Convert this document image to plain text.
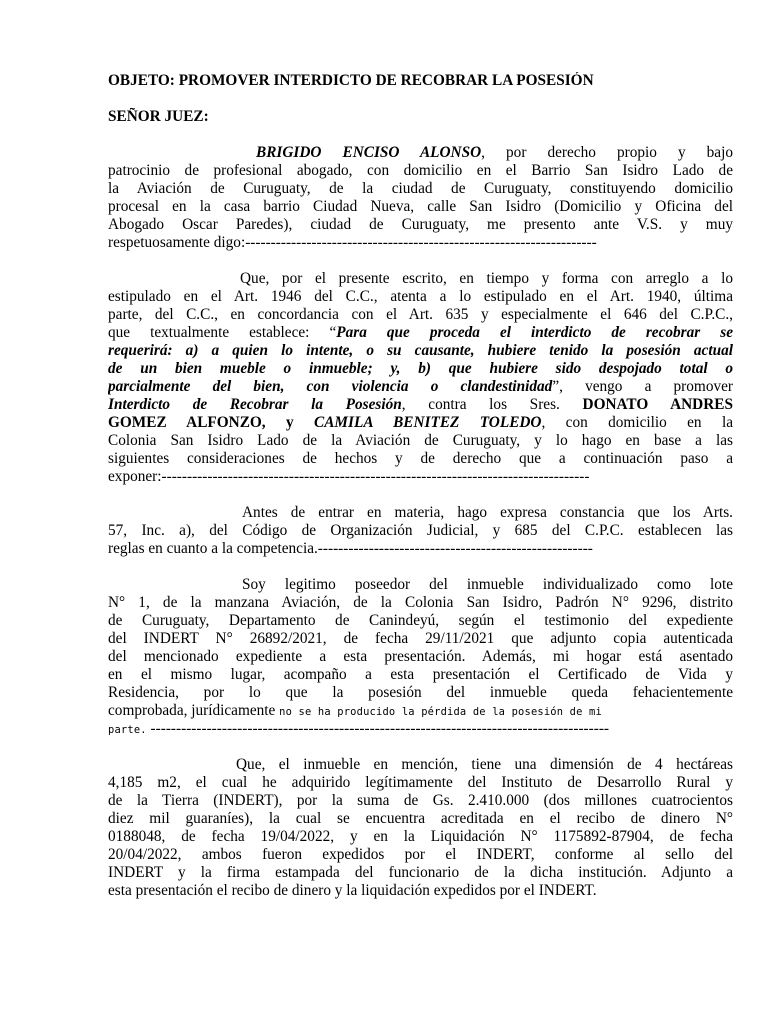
OBJETO: PROMOVER INTERDICTO DE RECOBRAR LA POSESIÓN
SEÑOR JUEZ:
BRIGIDO ENCISO ALONSO, por derecho propio y bajo
patrocinio de profesional abogado, con domicilio en el Barrio San Isidro Lado de
la Aviación de Curuguaty, de la ciudad de Curuguaty, constituyendo domicilio
procesal en la casa barrio Ciudad Nueva, calle San Isidro (Domicilio y Oficina del
Abogado Oscar Paredes), ciudad de Curuguaty, me presento ante V.S. y muy
respetuosamente digo:---------------------------------------------------------------------
Que, por el presente escrito, en tiempo y forma con arreglo a lo
estipulado en el Art. 1946 del C.C., atenta a lo estipulado en el Art. 1940, última
parte, del C.C., en concordancia con el Art. 635 y especialmente el 646 del C.P.C.,
que textualmente establece: “Para que proceda el interdicto de recobrar se
requerirá: a) a quien lo intente, o su causante, hubiere tenido la posesión actual
de un bien mueble o inmueble; y, b) que hubiere sido despojado total o
parcialmente del bien, con violencia o clandestinidad”, vengo a promover
Interdicto de Recobrar la Posesión, contra los Sres. DONATO ANDRES
GOMEZ ALFONZO, y CAMILA BENITEZ TOLEDO, con domicilio en la
Colonia San Isidro Lado de la Aviación de Curuguaty, y lo hago en base a las
siguientes consideraciones de hechos y de derecho que a continuación paso a
exponer:------------------------------------------------------------------------------------
Antes de entrar en materia, hago expresa constancia que los Arts.
57, Inc. a), del Código de Organización Judicial, y 685 del C.P.C. establecen las
reglas en cuanto a la competencia.------------------------------------------------------
Soy legitimo poseedor del inmueble individualizado como lote
N° 1, de la manzana Aviación, de la Colonia San Isidro, Padrón N° 9296, distrito
de Curuguaty, Departamento de Canindeyú, según el testimonio del expediente
del INDERT N° 26892/2021, de fecha 29/11/2021 que adjunto copia autenticada
del mencionado expediente a esta presentación. Además, mi hogar está asentado
en el mismo lugar, acompaño a esta presentación el Certificado de Vida y
Residencia, por lo que la posesión del inmueble queda fehacientemente
comprobada, jurídicamente no se ha producido la pérdida de la posesión de mi
parte. ------------------------------------------------------------------------------------------
Que, el inmueble en mención, tiene una dimensión de 4 hectáreas
4,185 m2, el cual he adquirido legítimamente del Instituto de Desarrollo Rural y
de la Tierra (INDERT), por la suma de Gs. 2.410.000 (dos millones cuatrocientos
diez mil guaraníes), la cual se encuentra acreditada en el recibo de dinero N°
0188048, de fecha 19/04/2022, y en la Liquidación N° 1175892-87904, de fecha
20/04/2022, ambos fueron expedidos por el INDERT, conforme al sello del
INDERT y la firma estampada del funcionario de la dicha institución. Adjunto a
esta presentación el recibo de dinero y la liquidación expedidos por el INDERT.
